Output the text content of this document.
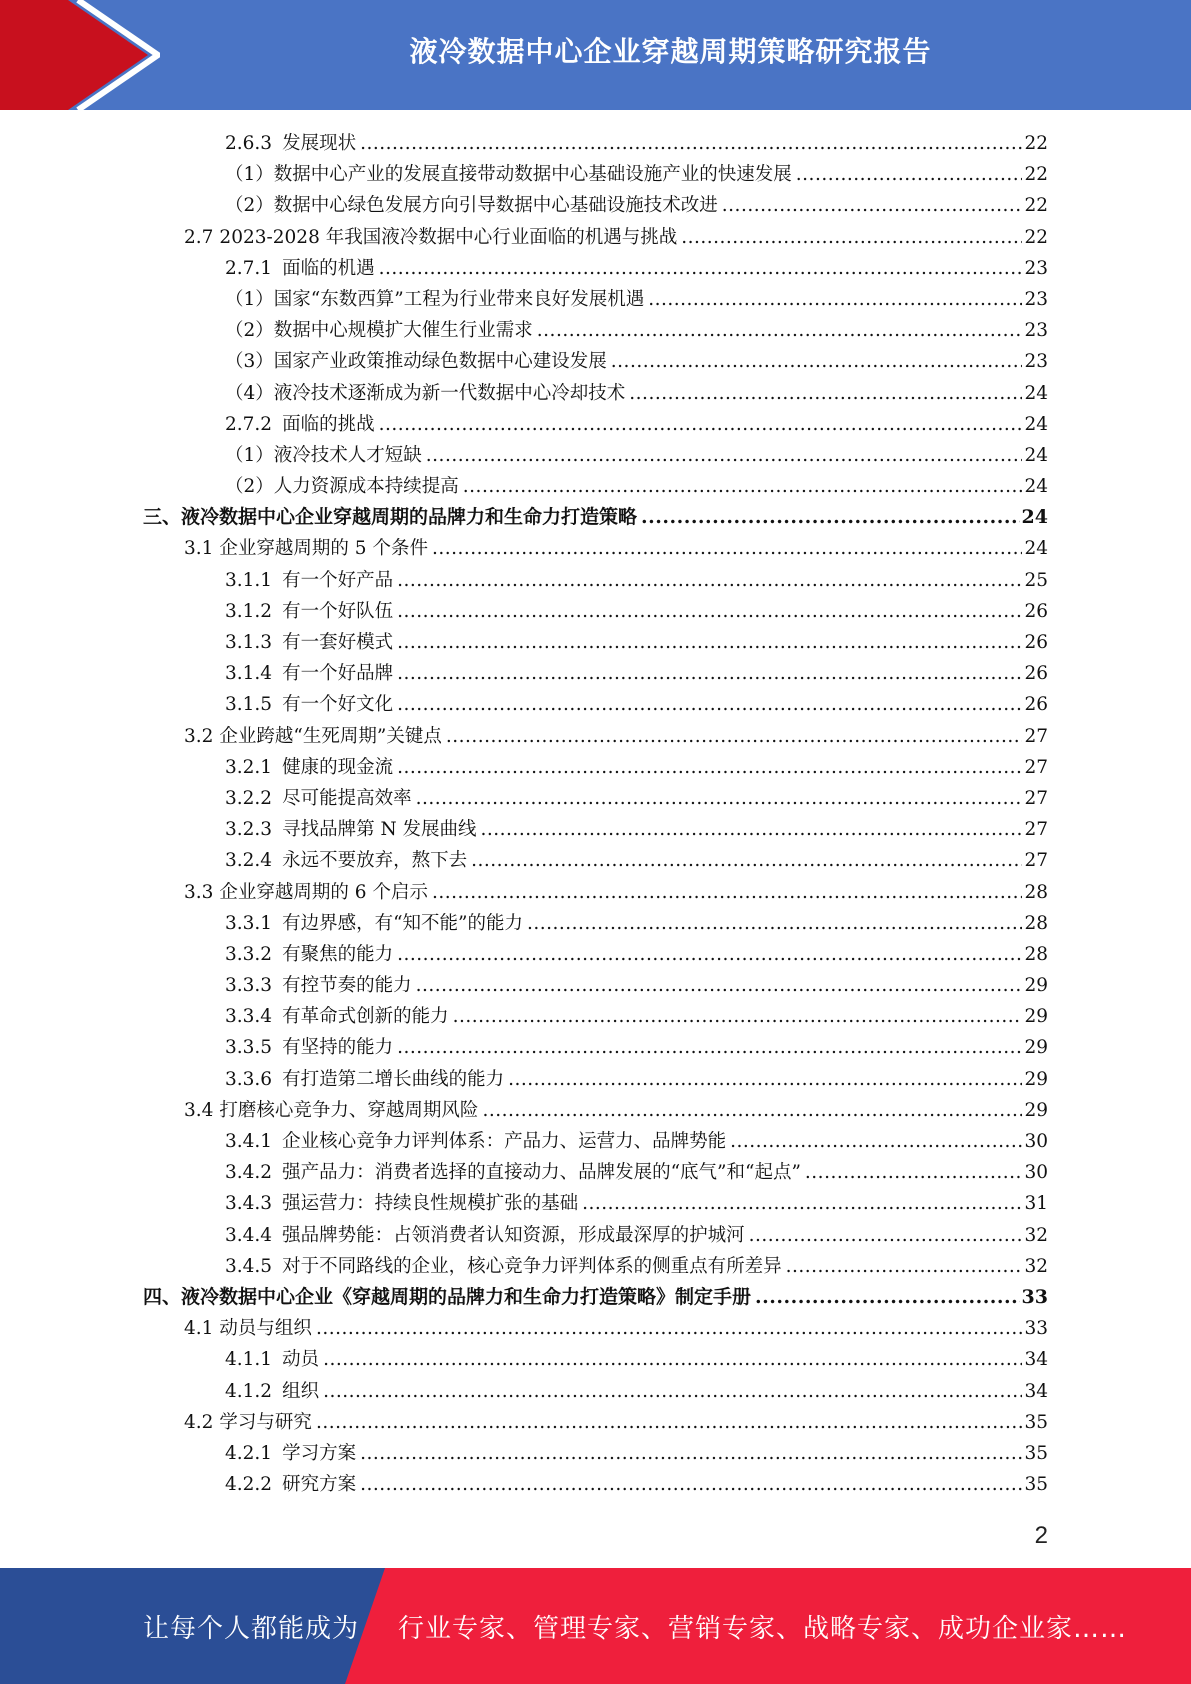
液冷数据中心企业穿越周期策略研究报告
2.6.3 发展现状 .....	22
（1）数据中心产业的发展直接带动数据中心基础设施产业的快速发展 .....	22
（2）数据中心绿色发展方向引导数据中心基础设施技术改进 .....	22
2.7 2023-2028 年我国液冷数据中心行业面临的机遇与挑战 .....	22
2.7.1 面临的机遇 .....	23
（1）国家“东数西算”工程为行业带来良好发展机遇 .....	23
（2）数据中心规模扩大催生行业需求 .....	23
（3）国家产业政策推动绿色数据中心建设发展 .....	23
（4）液冷技术逐渐成为新一代数据中心冷却技术 .....	24
2.7.2 面临的挑战 .....	24
（1）液冷技术人才短缺 .....	24
（2）人力资源成本持续提高 .....	24
三、液冷数据中心企业穿越周期的品牌力和生命力打造策略 .....	24
3.1 企业穿越周期的 5 个条件 .....	24
3.1.1 有一个好产品 .....	25
3.1.2 有一个好队伍 .....	26
3.1.3 有一套好模式 .....	26
3.1.4 有一个好品牌 .....	26
3.1.5 有一个好文化 .....	26
3.2 企业跨越“生死周期”关键点 .....	27
3.2.1 健康的现金流 .....	27
3.2.2 尽可能提高效率 .....	27
3.2.3 寻找品牌第 N 发展曲线 .....	27
3.2.4 永远不要放弃，熬下去 .....	27
3.3 企业穿越周期的 6 个启示 .....	28
3.3.1 有边界感，有“知不能”的能力 .....	28
3.3.2 有聚焦的能力 .....	28
3.3.3 有控节奏的能力 .....	29
3.3.4 有革命式创新的能力 .....	29
3.3.5 有坚持的能力 .....	29
3.3.6 有打造第二增长曲线的能力 .....	29
3.4 打磨核心竞争力、穿越周期风险 .....	29
3.4.1 企业核心竞争力评判体系：产品力、运营力、品牌势能 .....	30
3.4.2 强产品力：消费者选择的直接动力、品牌发展的“底气”和“起点” .....	30
3.4.3 强运营力：持续良性规模扩张的基础 .....	31
3.4.4 强品牌势能：占领消费者认知资源，形成最深厚的护城河 .....	32
3.4.5 对于不同路线的企业，核心竞争力评判体系的侧重点有所差异 .....	32
四、液冷数据中心企业《穿越周期的品牌力和生命力打造策略》制定手册 .....	33
4.1 动员与组织 .....	33
4.1.1 动员 .....	34
4.1.2 组织 .....	34
4.2 学习与研究 .....	35
4.2.1 学习方案 .....	35
4.2.2 研究方案 .....	35
2
让每个人都能成为 行业专家、管理专家、营销专家、战略专家、成功企业家……
